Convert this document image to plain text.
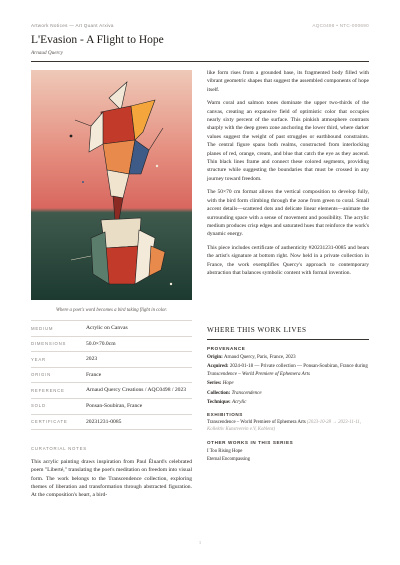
Artwork Notices — Art Quant Arxiva	AQC0498 • NTC-000690
L'Evasion - A Flight to Hope
Arnaud Quercy
Where a poet's word becomes a bird taking flight in color.
MEDIUM	Acrylic on Canvas
DIMENSIONS	50.0×70.0cm
YEAR	2023
ORIGIN	France
REFERENCE	Arnaud Quercy Creations / AQC0498 / 2023
SOLD	Ponsan-Soubiran, France
CERTIFICATE	20231231-0085
CURATORIAL NOTES
This acrylic painting draws inspiration from Paul Éluard's celebrated poem "Liberté," translating the poet's meditation on freedom into visual form. The work belongs to the Transcendence collection, exploring themes of liberation and transformation through abstracted figuration. At the composition's heart, a bird-

like form rises from a grounded base, its fragmented body filled with vibrant geometric shapes that suggest the assembled components of hope itself.

Warm coral and salmon tones dominate the upper two-thirds of the canvas, creating an expansive field of optimistic color that occupies nearly sixty percent of the surface. This pinkish atmosphere contrasts sharply with the deep green zone anchoring the lower third, where darker values suggest the weight of past struggles or earthbound constraints. The central figure spans both realms, constructed from interlocking planes of red, orange, cream, and blue that catch the eye as they ascend. Thin black lines frame and connect these colored segments, providing structure while suggesting the boundaries that must be crossed in any journey toward freedom.

The 50×70 cm format allows the vertical composition to develop fully, with the bird form climbing through the zone from green to coral. Small accent details—scattered dots and delicate linear elements—animate the surrounding space with a sense of movement and possibility. The acrylic medium produces crisp edges and saturated hues that reinforce the work's dynamic energy.

This piece includes certificate of authenticity #20231231-0085 and bears the artist's signature at bottom right. Now held in a private collection in France, the work exemplifies Quercy's approach to contemporary abstraction that balances symbolic content with formal invention.

WHERE THIS WORK LIVES
PROVENANCE
Origin: Arnaud Quercy, Paris, France, 2023
Acquired: 2024-01-18 — Private collection — Ponsan-Soubiran, France during Transcendence – World Premiere of Ephemera Arts
Series: Hope
Collection: Transcendence
Technique: Acrylic
EXHIBITIONS
Transcendence – World Premiere of Ephemera Arts (2023-10-28 → 2023-11-11, Kollektiv Kunstverein e.V, Koblenz)
OTHER WORKS IN THIS SERIES
I Too Rising Hope
Eternal Encompassing
1
